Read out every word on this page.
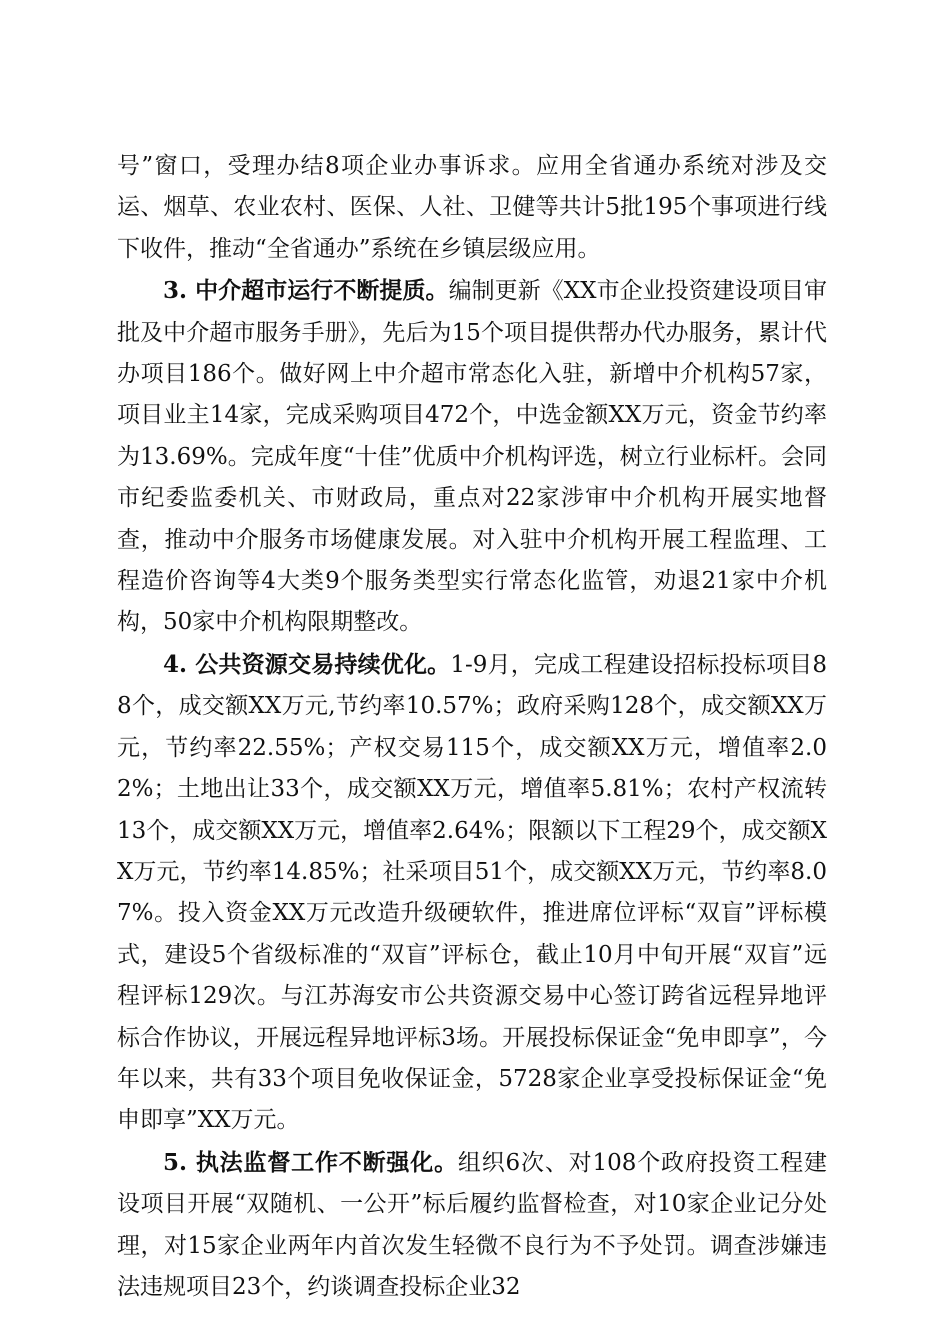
号”窗口，受理办结8项企业办事诉求。应用全省通办系统对涉及交运、烟草、农业农村、医保、人社、卫健等共计5批195个事项进行线下收件，推动“全省通办”系统在乡镇层级应用。

3. 中介超市运行不断提质。编制更新《XX市企业投资建设项目审批及中介超市服务手册》，先后为15个项目提供帮办代办服务，累计代办项目186个。做好网上中介超市常态化入驻，新增中介机构57家，项目业主14家，完成采购项目472个，中选金额XX万元，资金节约率为13.69%。完成年度“十佳”优质中介机构评选，树立行业标杆。会同市纪委监委机关、市财政局，重点对22家涉审中介机构开展实地督查，推动中介服务市场健康发展。对入驻中介机构开展工程监理、工程造价咨询等4大类9个服务类型实行常态化监管，劝退21家中介机构，50家中介机构限期整改。

4. 公共资源交易持续优化。1-9月，完成工程建设招标投标项目88个，成交额XX万元,节约率10.57%；政府采购128个，成交额XX万元，节约率22.55%；产权交易115个，成交额XX万元，增值率2.02%；土地出让33个，成交额XX万元，增值率5.81%；农村产权流转13个，成交额XX万元，增值率2.64%；限额以下工程29个，成交额XX万元，节约率14.85%；社采项目51个，成交额XX万元，节约率8.07%。投入资金XX万元改造升级硬软件，推进席位评标“双盲”评标模式，建设5个省级标准的“双盲”评标仓，截止10月中旬开展“双盲”远程评标129次。与江苏海安市公共资源交易中心签订跨省远程异地评标合作协议，开展远程异地评标3场。开展投标保证金“免申即享”，今年以来，共有33个项目免收保证金，5728家企业享受投标保证金“免申即享”XX万元。

5. 执法监督工作不断强化。组织6次、对108个政府投资工程建设项目开展“双随机、一公开”标后履约监督检查，对10家企业记分处理，对15家企业两年内首次发生轻微不良行为不予处罚。调查涉嫌违法违规项目23个，约谈调查投标企业32
